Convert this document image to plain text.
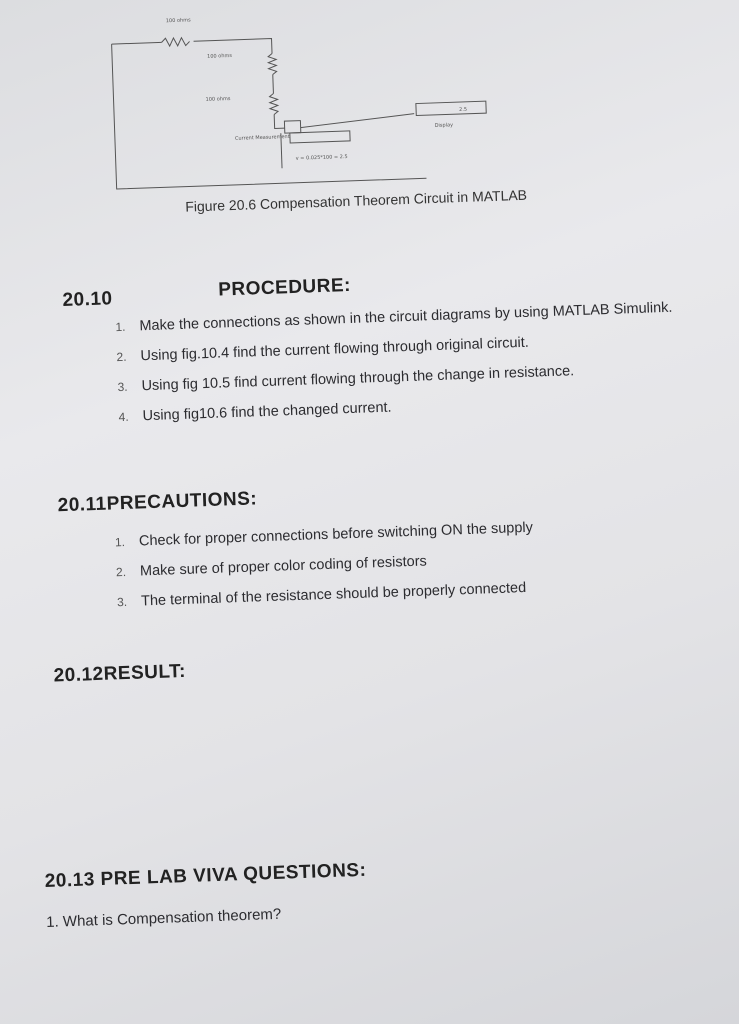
100 ohms
100 ohms
100 ohms
Current Measurement
v = 0.025*100 = 2.5
Display
2.5
Figure 20.6 Compensation Theorem Circuit in MATLAB
20.10	PROCEDURE:
1. Make the connections as shown in the circuit diagrams by using MATLAB Simulink.
2. Using fig.10.4 find the current flowing through original circuit.
3. Using fig 10.5 find current flowing through the change in resistance.
4. Using fig10.6 find the changed current.
20.11PRECAUTIONS:
1. Check for proper connections before switching ON the supply
2. Make sure of proper color coding of resistors
3. The terminal of the resistance should be properly connected
20.12RESULT:
20.13 PRE LAB VIVA QUESTIONS:
1. What is Compensation theorem?
